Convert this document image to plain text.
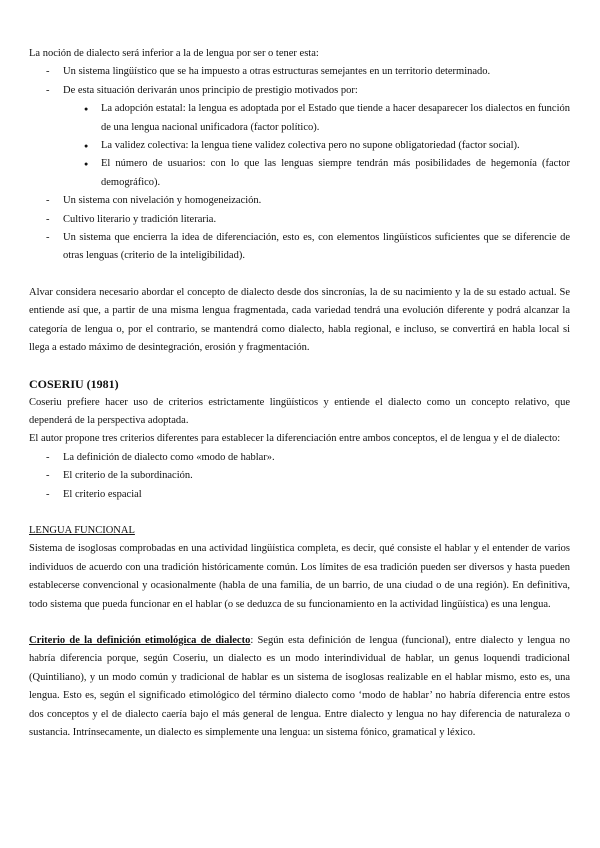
La noción de dialecto será inferior a la de lengua por ser o tener esta:

- Un sistema lingüístico que se ha impuesto a otras estructuras semejantes en un territorio determinado.
- De esta situación derivarán unos principio de prestigio motivados por:
● La adopción estatal: la lengua es adoptada por el Estado que tiende a hacer desaparecer los dialectos en función de una lengua nacional unificadora (factor político).
● La validez colectiva: la lengua tiene validez colectiva pero no supone obligatoriedad (factor social).
● El número de usuarios: con lo que las lenguas siempre tendrán más posibilidades de hegemonía (factor demográfico).
- Un sistema con nivelación y homogeneización.
- Cultivo literario y tradición literaria.
- Un sistema que encierra la idea de diferenciación, esto es, con elementos lingüísticos suficientes que se diferencie de otras lenguas (criterio de la inteligibilidad).

Alvar considera necesario abordar el concepto de dialecto desde dos sincronías, la de su nacimiento y la de su estado actual. Se entiende así que, a partir de una misma lengua fragmentada, cada variedad tendrá una evolución diferente y podrá alcanzar la categoría de lengua o, por el contrario, se mantendrá como dialecto, habla regional, e incluso, se convertirá en habla local si llega a estado máximo de desintegración, erosión y fragmentación.

COSERIU (1981)

Coseriu prefiere hacer uso de criterios estrictamente lingüísticos y entiende el dialecto como un concepto relativo, que dependerá de la perspectiva adoptada.

El autor propone tres criterios diferentes para establecer la diferenciación entre ambos conceptos, el de lengua y el de dialecto:

- La definición de dialecto como «modo de hablar».
- El criterio de la subordinación.
- El criterio espacial

LENGUA FUNCIONAL

Sistema de isoglosas comprobadas en una actividad lingüística completa, es decir, qué consiste el hablar y el entender de varios individuos de acuerdo con una tradición históricamente común. Los límites de esa tradición pueden ser diversos y hasta pueden establecerse convencional y ocasionalmente (habla de una familia, de un barrio, de una ciudad o de una región). En definitiva, todo sistema que pueda funcionar en el hablar (o se deduzca de su funcionamiento en la actividad lingüística) es una lengua.

Criterio de la definición etimológica de dialecto: Según esta definición de lengua (funcional), entre dialecto y lengua no habría diferencia porque, según Coseriu, un dialecto es un modo interindividual de hablar, un genus loquendi tradicional (Quintiliano), y un modo común y tradicional de hablar es un sistema de isoglosas realizable en el hablar mismo, esto es, una lengua. Esto es, según el significado etimológico del término dialecto como ‘modo de hablar’ no habría diferencia entre estos dos conceptos y el de dialecto caería bajo el más general de lengua. Entre dialecto y lengua no hay diferencia de naturaleza o sustancia. Intrínsecamente, un dialecto es simplemente una lengua: un sistema fónico, gramatical y léxico.
